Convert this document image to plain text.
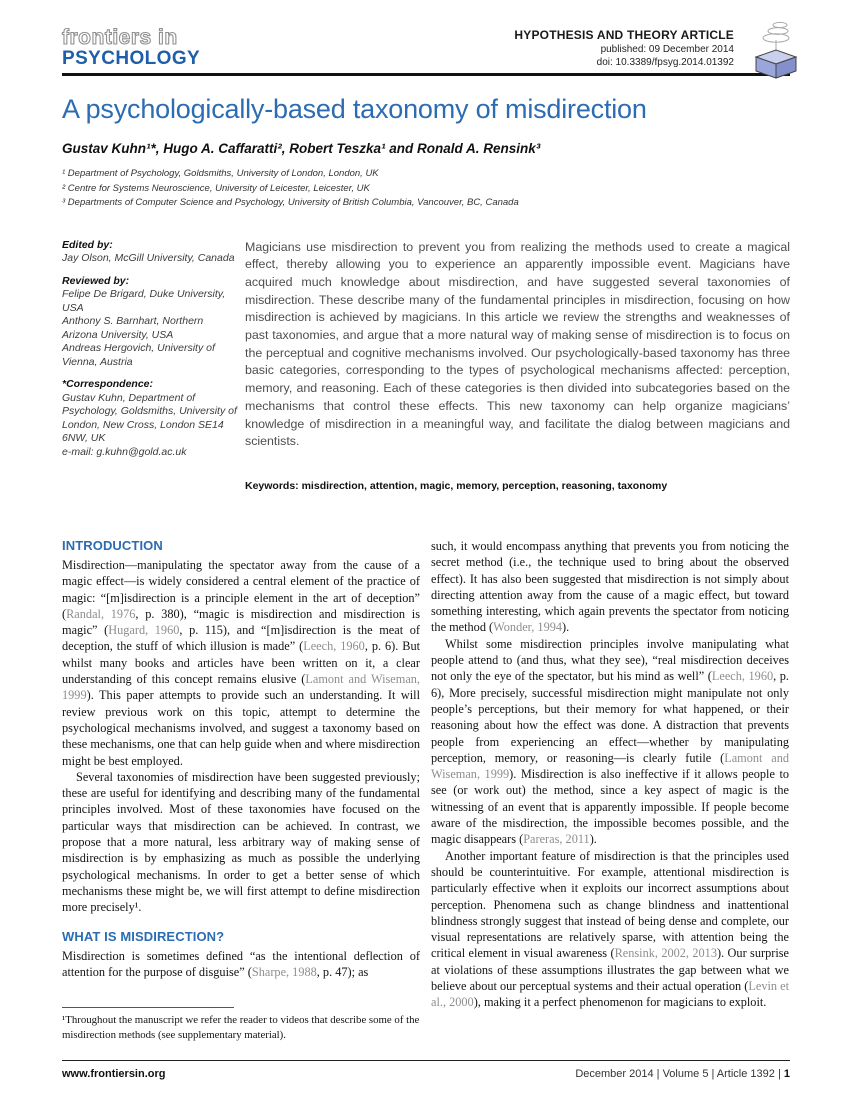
frontiers in
PSYCHOLOGY
HYPOTHESIS AND THEORY ARTICLE
published: 09 December 2014
doi: 10.3389/fpsyg.2014.01392
A psychologically-based taxonomy of misdirection
Gustav Kuhn¹*, Hugo A. Caffaratti², Robert Teszka¹ and Ronald A. Rensink³
¹ Department of Psychology, Goldsmiths, University of London, London, UK
² Centre for Systems Neuroscience, University of Leicester, Leicester, UK
³ Departments of Computer Science and Psychology, University of British Columbia, Vancouver, BC, Canada
Edited by:
Jay Olson, McGill University, Canada
Reviewed by:
Felipe De Brigard, Duke University, USA
Anthony S. Barnhart, Northern Arizona University, USA
Andreas Hergovich, University of Vienna, Austria
*Correspondence:
Gustav Kuhn, Department of Psychology, Goldsmiths, University of London, New Cross, London SE14 6NW, UK
e-mail: g.kuhn@gold.ac.uk
Magicians use misdirection to prevent you from realizing the methods used to create a magical effect, thereby allowing you to experience an apparently impossible event. Magicians have acquired much knowledge about misdirection, and have suggested several taxonomies of misdirection. These describe many of the fundamental principles in misdirection, focusing on how misdirection is achieved by magicians. In this article we review the strengths and weaknesses of past taxonomies, and argue that a more natural way of making sense of misdirection is to focus on the perceptual and cognitive mechanisms involved. Our psychologically-based taxonomy has three basic categories, corresponding to the types of psychological mechanisms affected: perception, memory, and reasoning. Each of these categories is then divided into subcategories based on the mechanisms that control these effects. This new taxonomy can help organize magicians’ knowledge of misdirection in a meaningful way, and facilitate the dialog between magicians and scientists.
Keywords: misdirection, attention, magic, memory, perception, reasoning, taxonomy
INTRODUCTION

Misdirection—manipulating the spectator away from the cause of a magic effect—is widely considered a central element of the practice of magic: “[m]isdirection is a principle element in the art of deception” (Randal, 1976, p. 380), “magic is misdirection and misdirection is magic” (Hugard, 1960, p. 115), and “[m]isdirection is the meat of deception, the stuff of which illusion is made” (Leech, 1960, p. 6). But whilst many books and articles have been written on it, a clear understanding of this concept remains elusive (Lamont and Wiseman, 1999). This paper attempts to provide such an understanding. It will review previous work on this topic, attempt to determine the psychological mechanisms involved, and suggest a taxonomy based on these mechanisms, one that can help guide when and where misdirection might be best employed.

Several taxonomies of misdirection have been suggested previously; these are useful for identifying and describing many of the fundamental principles involved. Most of these taxonomies have focused on the particular ways that misdirection can be achieved. In contrast, we propose that a more natural, less arbitrary way of making sense of misdirection is by emphasizing as much as possible the underlying psychological mechanisms. In order to get a better sense of which mechanisms these might be, we will first attempt to define misdirection more precisely¹.

WHAT IS MISDIRECTION?

Misdirection is sometimes defined “as the intentional deflection of attention for the purpose of disguise” (Sharpe, 1988, p. 47); as

such, it would encompass anything that prevents you from noticing the secret method (i.e., the technique used to bring about the observed effect). It has also been suggested that misdirection is not simply about directing attention away from the cause of a magic effect, but toward something interesting, which again prevents the spectator from noticing the method (Wonder, 1994).

Whilst some misdirection principles involve manipulating what people attend to (and thus, what they see), “real misdirection deceives not only the eye of the spectator, but his mind as well” (Leech, 1960, p. 6), More precisely, successful misdirection might manipulate not only people’s perceptions, but their memory for what happened, or their reasoning about how the effect was done. A distraction that prevents people from experiencing an effect—whether by manipulating perception, memory, or reasoning—is clearly futile (Lamont and Wiseman, 1999). Misdirection is also ineffective if it allows people to see (or work out) the method, since a key aspect of magic is the witnessing of an event that is apparently impossible. If people become aware of the misdirection, the impossible becomes possible, and the magic disappears (Pareras, 2011).

Another important feature of misdirection is that the principles used should be counterintuitive. For example, attentional misdirection is particularly effective when it exploits our incorrect assumptions about perception. Phenomena such as change blindness and inattentional blindness strongly suggest that instead of being dense and complete, our visual representations are relatively sparse, with attention being the critical element in visual awareness (Rensink, 2002, 2013). Our surprise at violations of these assumptions illustrates the gap between what we believe about our perceptual systems and their actual operation (Levin et al., 2000), making it a perfect phenomenon for magicians to exploit.

¹Throughout the manuscript we refer the reader to videos that describe some of the misdirection methods (see supplementary material).
www.frontiersin.org	December 2014 | Volume 5 | Article 1392 | 1
